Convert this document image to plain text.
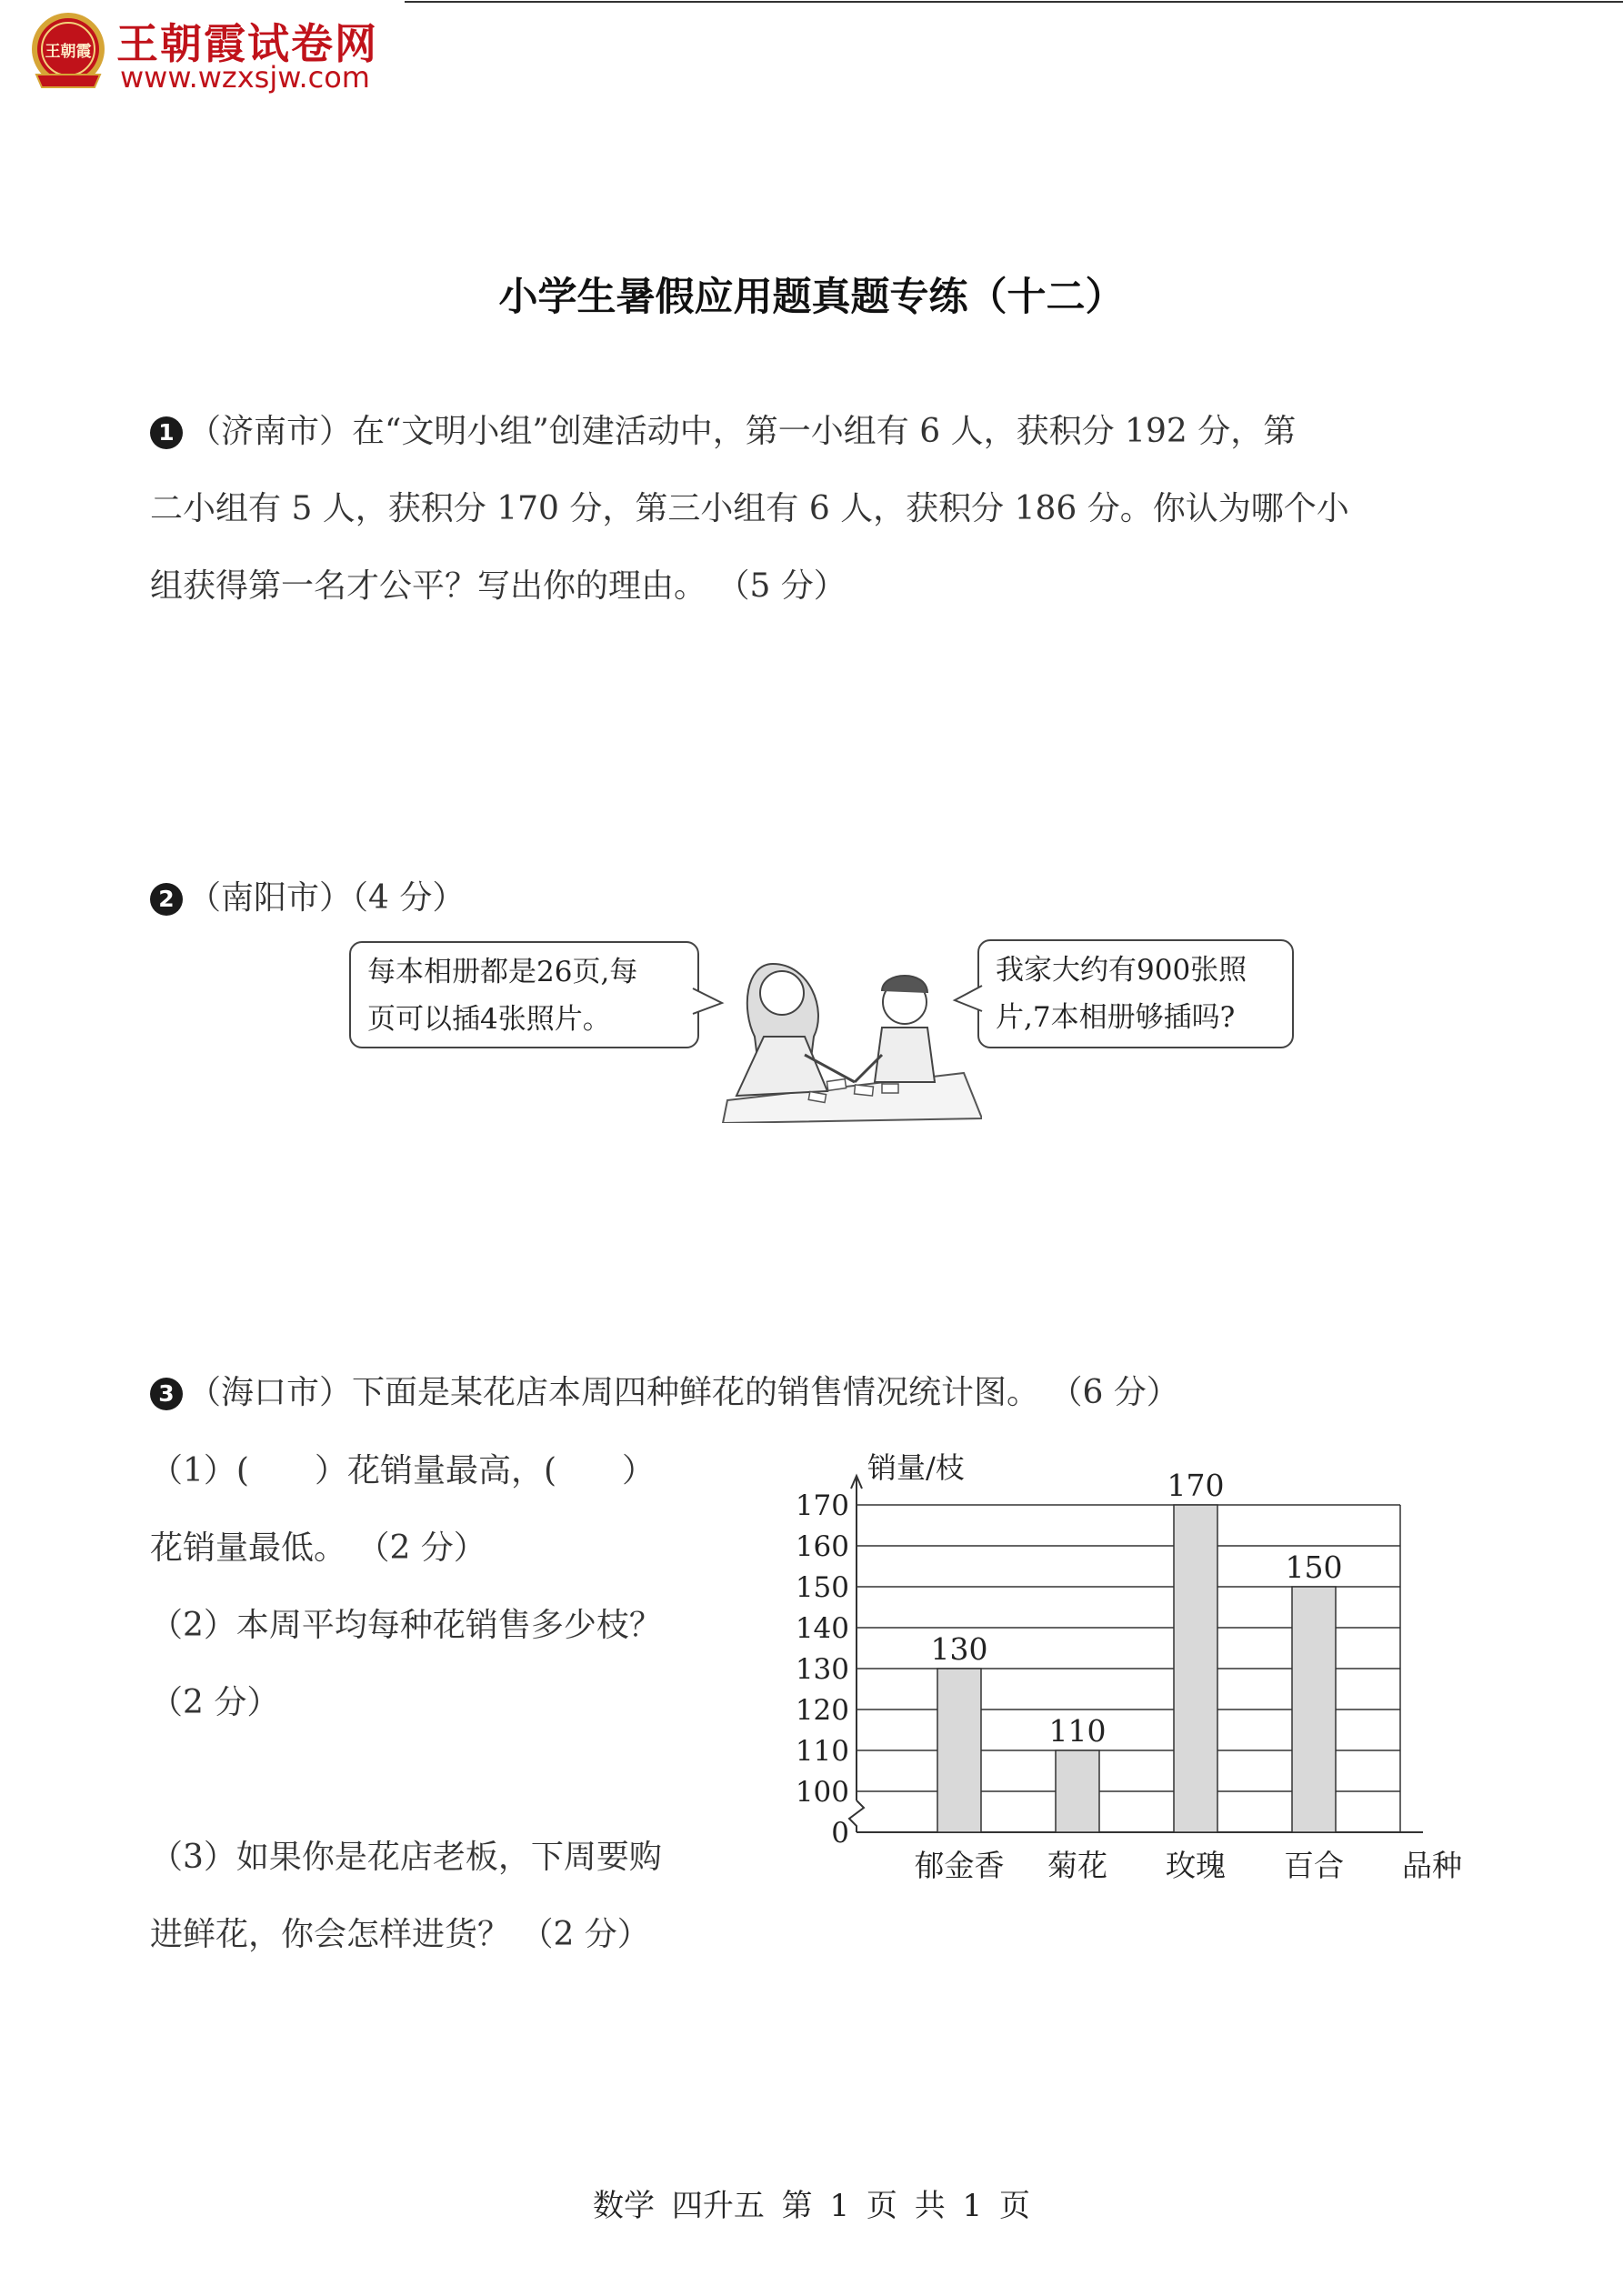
王朝霞 王朝霞试卷网
www.wzxsjw.com
小学生暑假应用题真题专练（十二）
1 （济南市）在“文明小组”创建活动中，第一小组有 6 人，获积分 192 分，第
二小组有 5 人，获积分 170 分，第三小组有 6 人，获积分 186 分。你认为哪个小
组获得第一名才公平？写出你的理由。 （5 分）
2 （南阳市）（4 分）
每本相册都是26页,每
页可以插4张照片。
我家大约有900张照
片,7本相册够插吗?
3 （海口市）下面是某花店本周四种鲜花的销售情况统计图。 （6 分）
（1）(　　）花销量最高，(　　）
花销量最低。 （2 分）
（2）本周平均每种花销售多少枝？
（2 分）
（3）如果你是花店老板，下周要购
进鲜花，你会怎样进货？ （2 分）
0
100
110
120
130
140
150
160
170
销量/枝
130
郁金香
110
菊花
170
玫瑰
150
百合 品种
数学 四升五 第 1 页 共 1 页
